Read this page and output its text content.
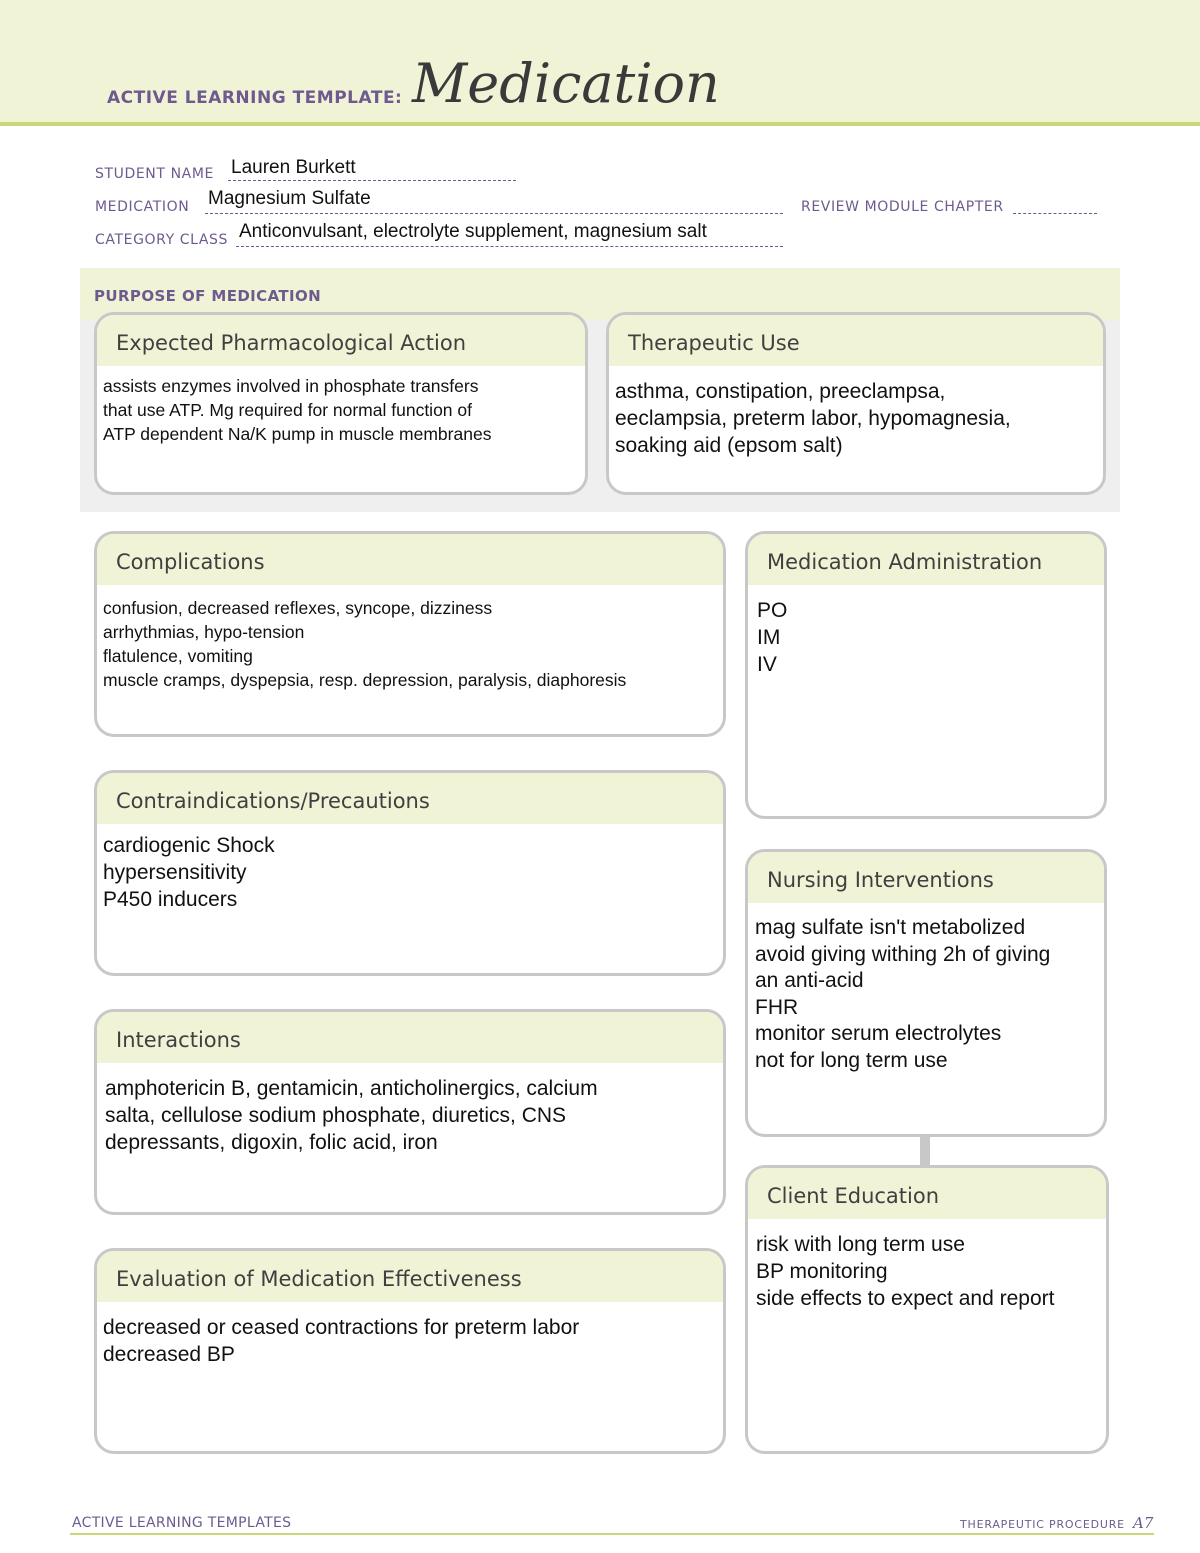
ACTIVE LEARNING TEMPLATE: Medication
STUDENT NAME Lauren Burkett
MEDICATION Magnesium Sulfate	REVIEW MODULE CHAPTER
CATEGORY CLASS Anticonvulsant, electrolyte supplement, magnesium salt
PURPOSE OF MEDICATION
Expected Pharmacological Action
assists enzymes involved in phosphate transfers
that use ATP. Mg required for normal function of
ATP dependent Na/K pump in muscle membranes
Therapeutic Use
asthma, constipation, preeclampsa,
eeclampsia, preterm labor, hypomagnesia,
soaking aid (epsom salt)
Complications
confusion, decreased reflexes, syncope, dizziness
arrhythmias, hypo-tension
flatulence, vomiting
muscle cramps, dyspepsia, resp. depression, paralysis, diaphoresis
Contraindications/Precautions
cardiogenic Shock
hypersensitivity
P450 inducers
Interactions
amphotericin B, gentamicin, anticholinergics, calcium
salta, cellulose sodium phosphate, diuretics, CNS
depressants, digoxin, folic acid, iron
Evaluation of Medication Effectiveness
decreased or ceased contractions for preterm labor
decreased BP
Medication Administration
PO
IM
IV
Nursing Interventions
mag sulfate isn't metabolized
avoid giving withing 2h of giving
an anti-acid
FHR
monitor serum electrolytes
not for long term use
Client Education
risk with long term use
BP monitoring
side effects to expect and report
ACTIVE LEARNING TEMPLATES	THERAPEUTIC PROCEDURE A7
